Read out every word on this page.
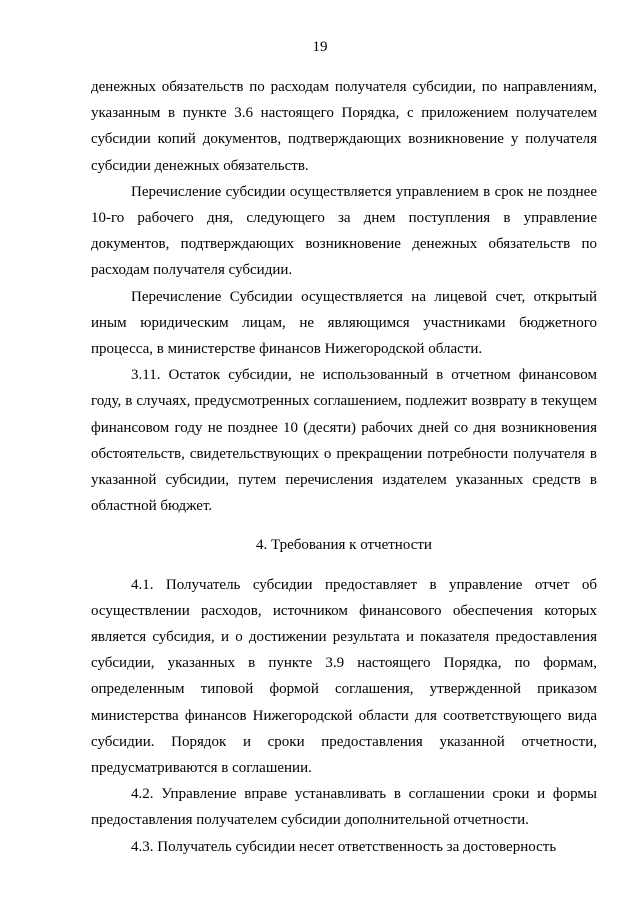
19

денежных обязательств по расходам получателя субсидии, по направлениям, указанным в пункте 3.6 настоящего Порядка, с приложением получателем субсидии копий документов, подтверждающих возникновение у получателя субсидии денежных обязательств.

Перечисление субсидии осуществляется управлением в срок не позднее 10-го рабочего дня, следующего за днем поступления в управление документов, подтверждающих возникновение денежных обязательств по расходам получателя субсидии.

Перечисление Субсидии осуществляется на лицевой счет, открытый иным юридическим лицам, не являющимся участниками бюджетного процесса, в министерстве финансов Нижегородской области.

3.11. Остаток субсидии, не использованный в отчетном финансовом году, в случаях, предусмотренных соглашением, подлежит возврату в текущем финансовом году не позднее 10 (десяти) рабочих дней со дня возникновения обстоятельств, свидетельствующих о прекращении потребности получателя в указанной субсидии, путем перечисления издателем указанных средств в областной бюджет.

4. Требования к отчетности

4.1. Получатель субсидии предоставляет в управление отчет об осуществлении расходов, источником финансового обеспечения которых является субсидия, и о достижении результата и показателя предоставления субсидии, указанных в пункте 3.9 настоящего Порядка, по формам, определенным типовой формой соглашения, утвержденной приказом министерства финансов Нижегородской области для соответствующего вида субсидии. Порядок и сроки предоставления указанной отчетности, предусматриваются в соглашении.

4.2. Управление вправе устанавливать в соглашении сроки и формы предоставления получателем субсидии дополнительной отчетности.

4.3. Получатель субсидии несет ответственность за достоверность
